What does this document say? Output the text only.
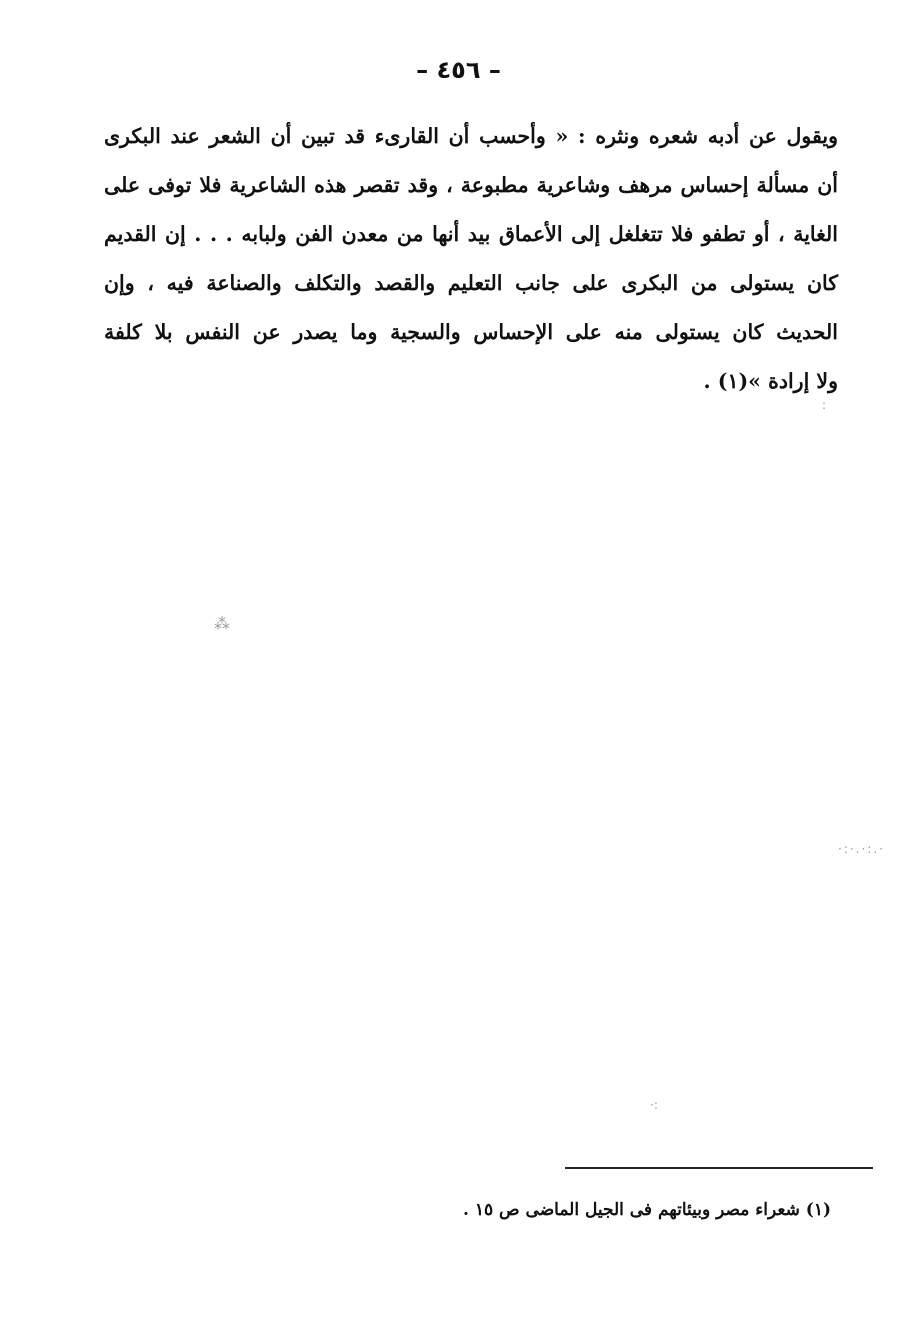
– ٤٥٦ –
ويقول عن أدبه شعره ونثره : « وأحسب أن القارىء قد تبين أن الشعر عند البكرى
أن مسألة إحساس مرهف وشاعرية مطبوعة ، وقد تقصر هذه الشاعرية فلا توفى على
الغاية ، أو تطفو فلا تتغلغل إلى الأعماق بيد أنها من معدن الفن ولبابه . . . إن القديم
كان يستولى من البكرى على جانب التعليم والقصد والتكلف والصناعة فيه ، وإن
الحديث كان يستولى منه على الإحساس والسجية وما يصدر عن النفس بلا كلفة
ولا إرادة »(١) .
(١) شعراء مصر وبيئاتهم فى الجيل الماضى ص ١٥ .
⁂
·:·.·:.·
:
·:
